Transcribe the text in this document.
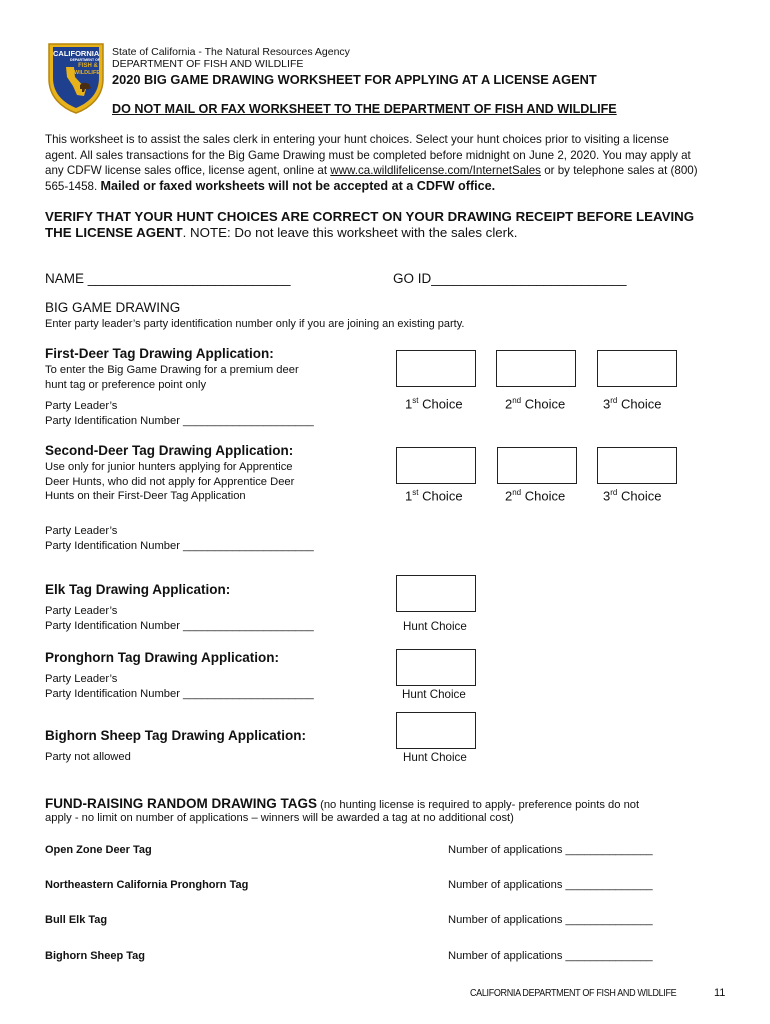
CALIFORNIA
DEPARTMENT OF
FISH &
WILDLIFE
State of California - The Natural Resources Agency
DEPARTMENT OF FISH AND WILDLIFE
2020 BIG GAME DRAWING WORKSHEET FOR APPLYING AT A LICENSE AGENT
DO NOT MAIL OR FAX WORKSHEET TO THE DEPARTMENT OF FISH AND WILDLIFE
This worksheet is to assist the sales clerk in entering your hunt choices. Select your hunt choices prior to visiting a license
agent. All sales transactions for the Big Game Drawing must be completed before midnight on June 2, 2020. You may apply at
any CDFW license sales office, license agent, online at www.ca.wildlifelicense.com/InternetSales or by telephone sales at (800)
565-1458. Mailed or faxed worksheets will not be accepted at a CDFW office.
VERIFY THAT YOUR HUNT CHOICES ARE CORRECT ON YOUR DRAWING RECEIPT BEFORE LEAVING
THE LICENSE AGENT. NOTE: Do not leave this worksheet with the sales clerk.
NAME ___________________________	GO ID__________________________
BIG GAME DRAWING
Enter party leader’s party identification number only if you are joining an existing party.
First-Deer Tag Drawing Application:
To enter the Big Game Drawing for a premium deer
hunt tag or preference point only
Party Leader’s
Party Identification Number _____________________
1st Choice	2nd Choice	3rd Choice
Second-Deer Tag Drawing Application:
Use only for junior hunters applying for Apprentice
Deer Hunts, who did not apply for Apprentice Deer
Hunts on their First-Deer Tag Application
Party Leader’s
Party Identification Number _____________________
1st Choice	2nd Choice	3rd Choice
Elk Tag Drawing Application:
Party Leader’s
Party Identification Number _____________________	Hunt Choice
Pronghorn Tag Drawing Application:
Party Leader’s
Party Identification Number _____________________	Hunt Choice
Bighorn Sheep Tag Drawing Application:
Party not allowed	Hunt Choice
FUND-RAISING RANDOM DRAWING TAGS (no hunting license is required to apply- preference points do not
apply - no limit on number of applications – winners will be awarded a tag at no additional cost)
Open Zone Deer Tag	Number of applications ______________
Northeastern California Pronghorn Tag	Number of applications ______________
Bull Elk Tag	Number of applications ______________
Bighorn Sheep Tag	Number of applications ______________
CALIFORNIA DEPARTMENT OF FISH AND WILDLIFE	11
